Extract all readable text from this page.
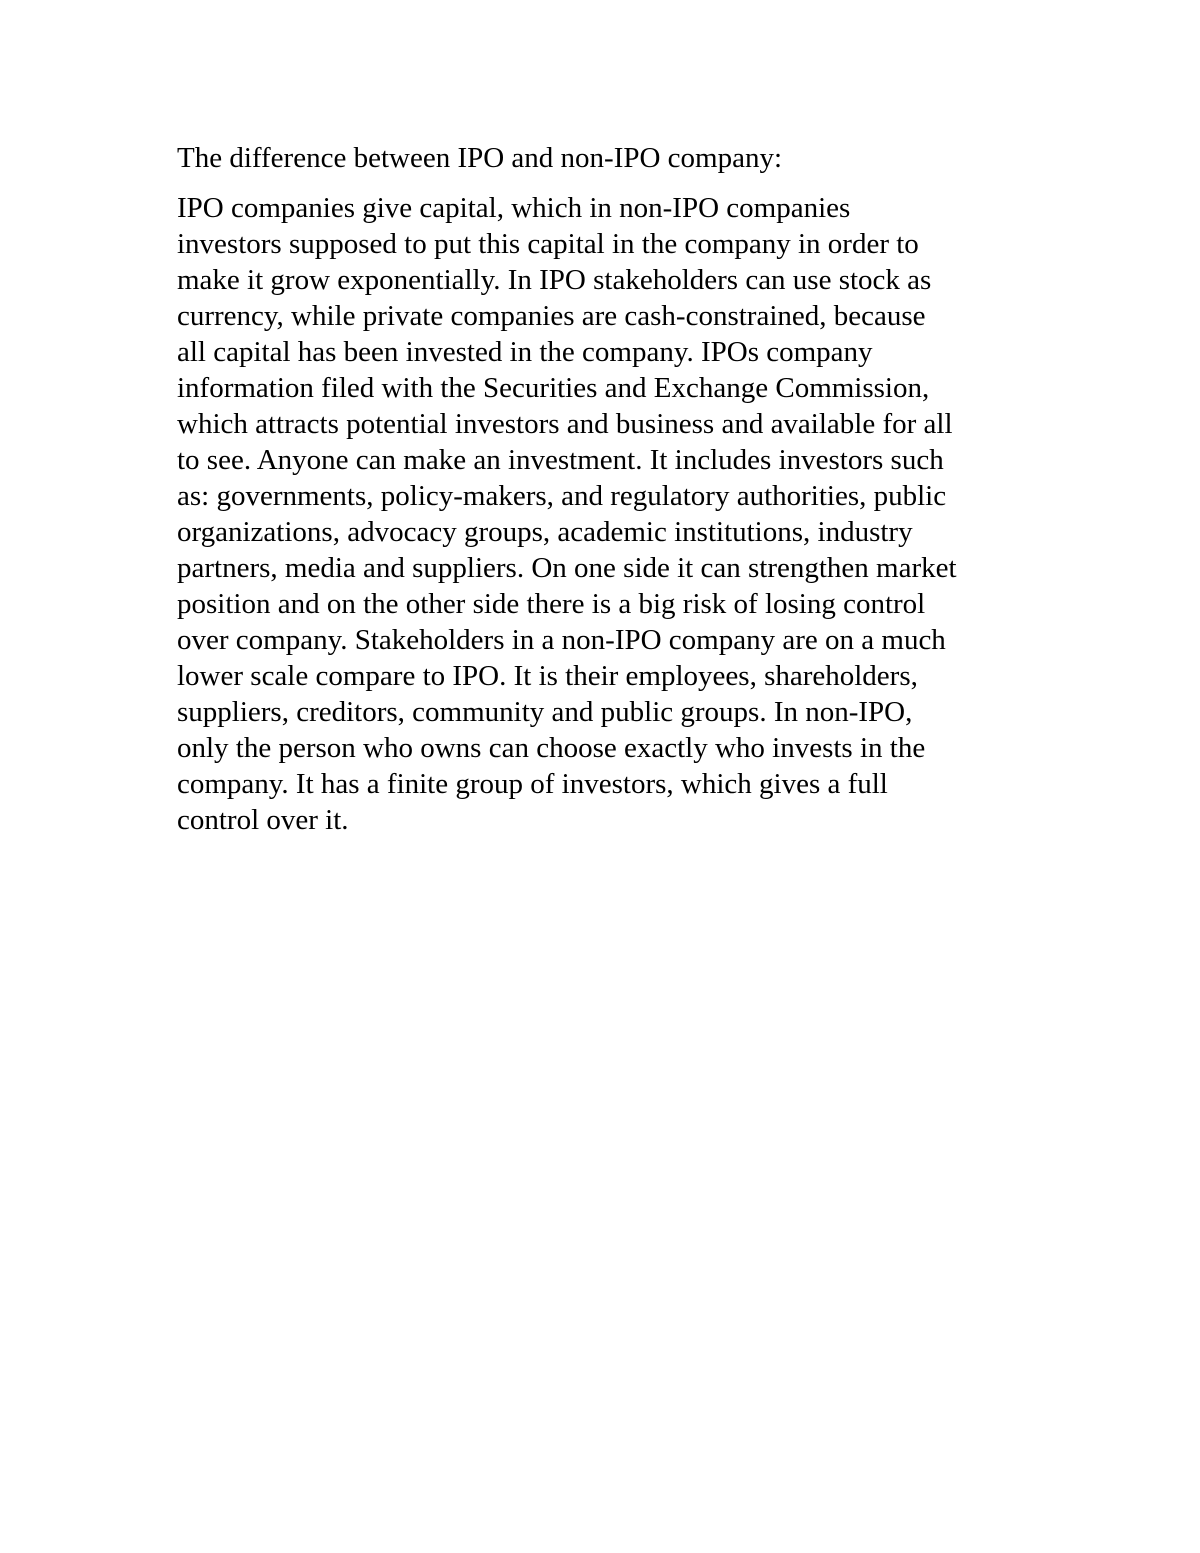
The difference between IPO and non-IPO company:

IPO companies give capital, which in non-IPO companies
investors supposed to put this capital in the company in order to
make it grow exponentially. In IPO stakeholders can use stock as
currency, while private companies are cash-constrained, because
all capital has been invested in the company. IPOs company
information filed with the Securities and Exchange Commission,
which attracts potential investors and business and available for all
to see. Anyone can make an investment. It includes investors such
as: governments, policy-makers, and regulatory authorities, public
organizations, advocacy groups, academic institutions, industry
partners, media and suppliers. On one side it can strengthen market
position and on the other side there is a big risk of losing control
over company. Stakeholders in a non-IPO company are on a much
lower scale compare to IPO. It is their employees, shareholders,
suppliers, creditors, community and public groups. In non-IPO,
only the person who owns can choose exactly who invests in the
company. It has a finite group of investors, which gives a full
control over it.
